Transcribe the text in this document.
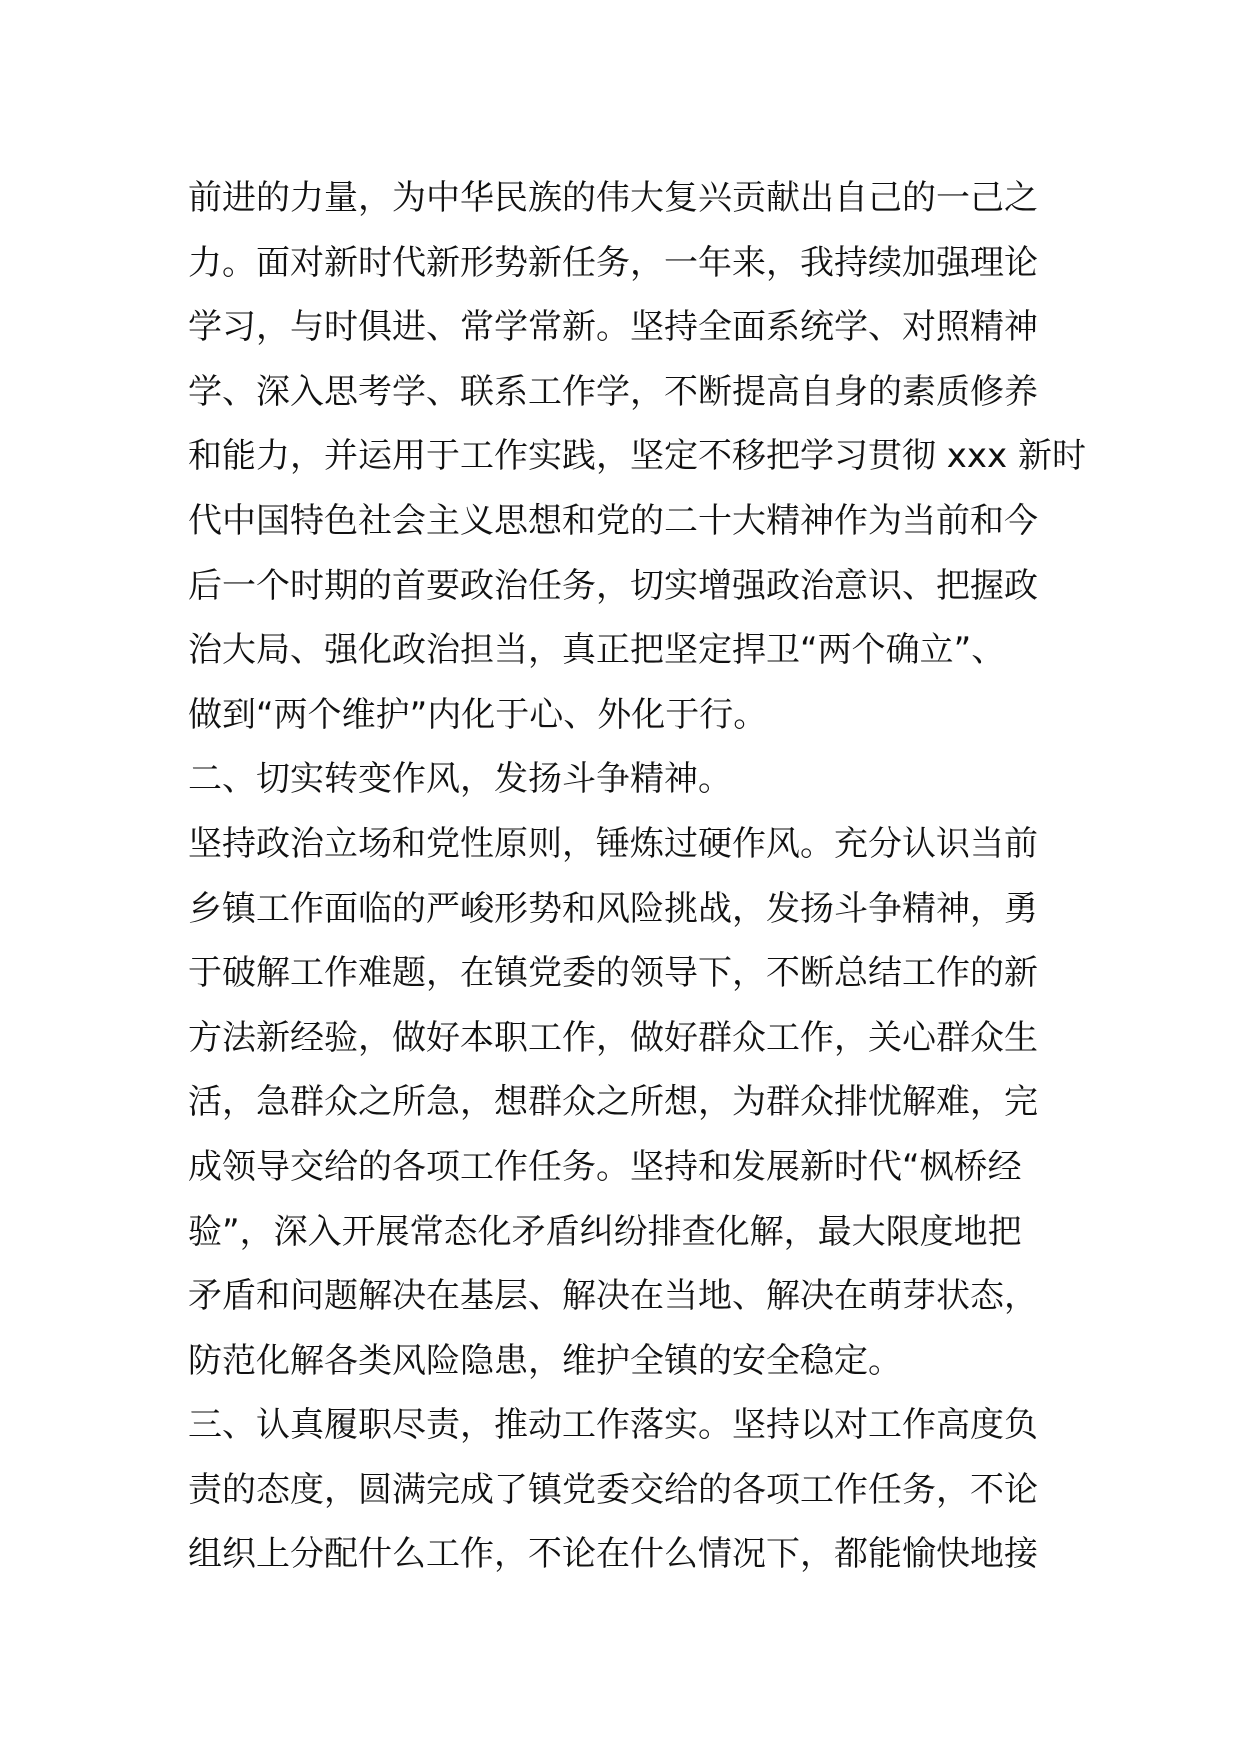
前进的力量，为中华民族的伟大复兴贡献出自己的一己之
力。面对新时代新形势新任务，一年来，我持续加强理论
学习，与时俱进、常学常新。坚持全面系统学、对照精神
学、深入思考学、联系工作学，不断提高自身的素质修养
和能力，并运用于工作实践，坚定不移把学习贯彻 xxx 新时
代中国特色社会主义思想和党的二十大精神作为当前和今
后一个时期的首要政治任务，切实增强政治意识、把握政
治大局、强化政治担当，真正把坚定捍卫“两个确立”、
做到“两个维护”内化于心、外化于行。
二、切实转变作风，发扬斗争精神。
坚持政治立场和党性原则，锤炼过硬作风。充分认识当前
乡镇工作面临的严峻形势和风险挑战，发扬斗争精神，勇
于破解工作难题，在镇党委的领导下，不断总结工作的新
方法新经验，做好本职工作，做好群众工作，关心群众生
活，急群众之所急，想群众之所想，为群众排忧解难，完
成领导交给的各项工作任务。坚持和发展新时代“枫桥经
验”，深入开展常态化矛盾纠纷排查化解，最大限度地把
矛盾和问题解决在基层、解决在当地、解决在萌芽状态，
防范化解各类风险隐患，维护全镇的安全稳定。
三、认真履职尽责，推动工作落实。坚持以对工作高度负
责的态度，圆满完成了镇党委交给的各项工作任务，不论
组织上分配什么工作，不论在什么情况下，都能愉快地接
